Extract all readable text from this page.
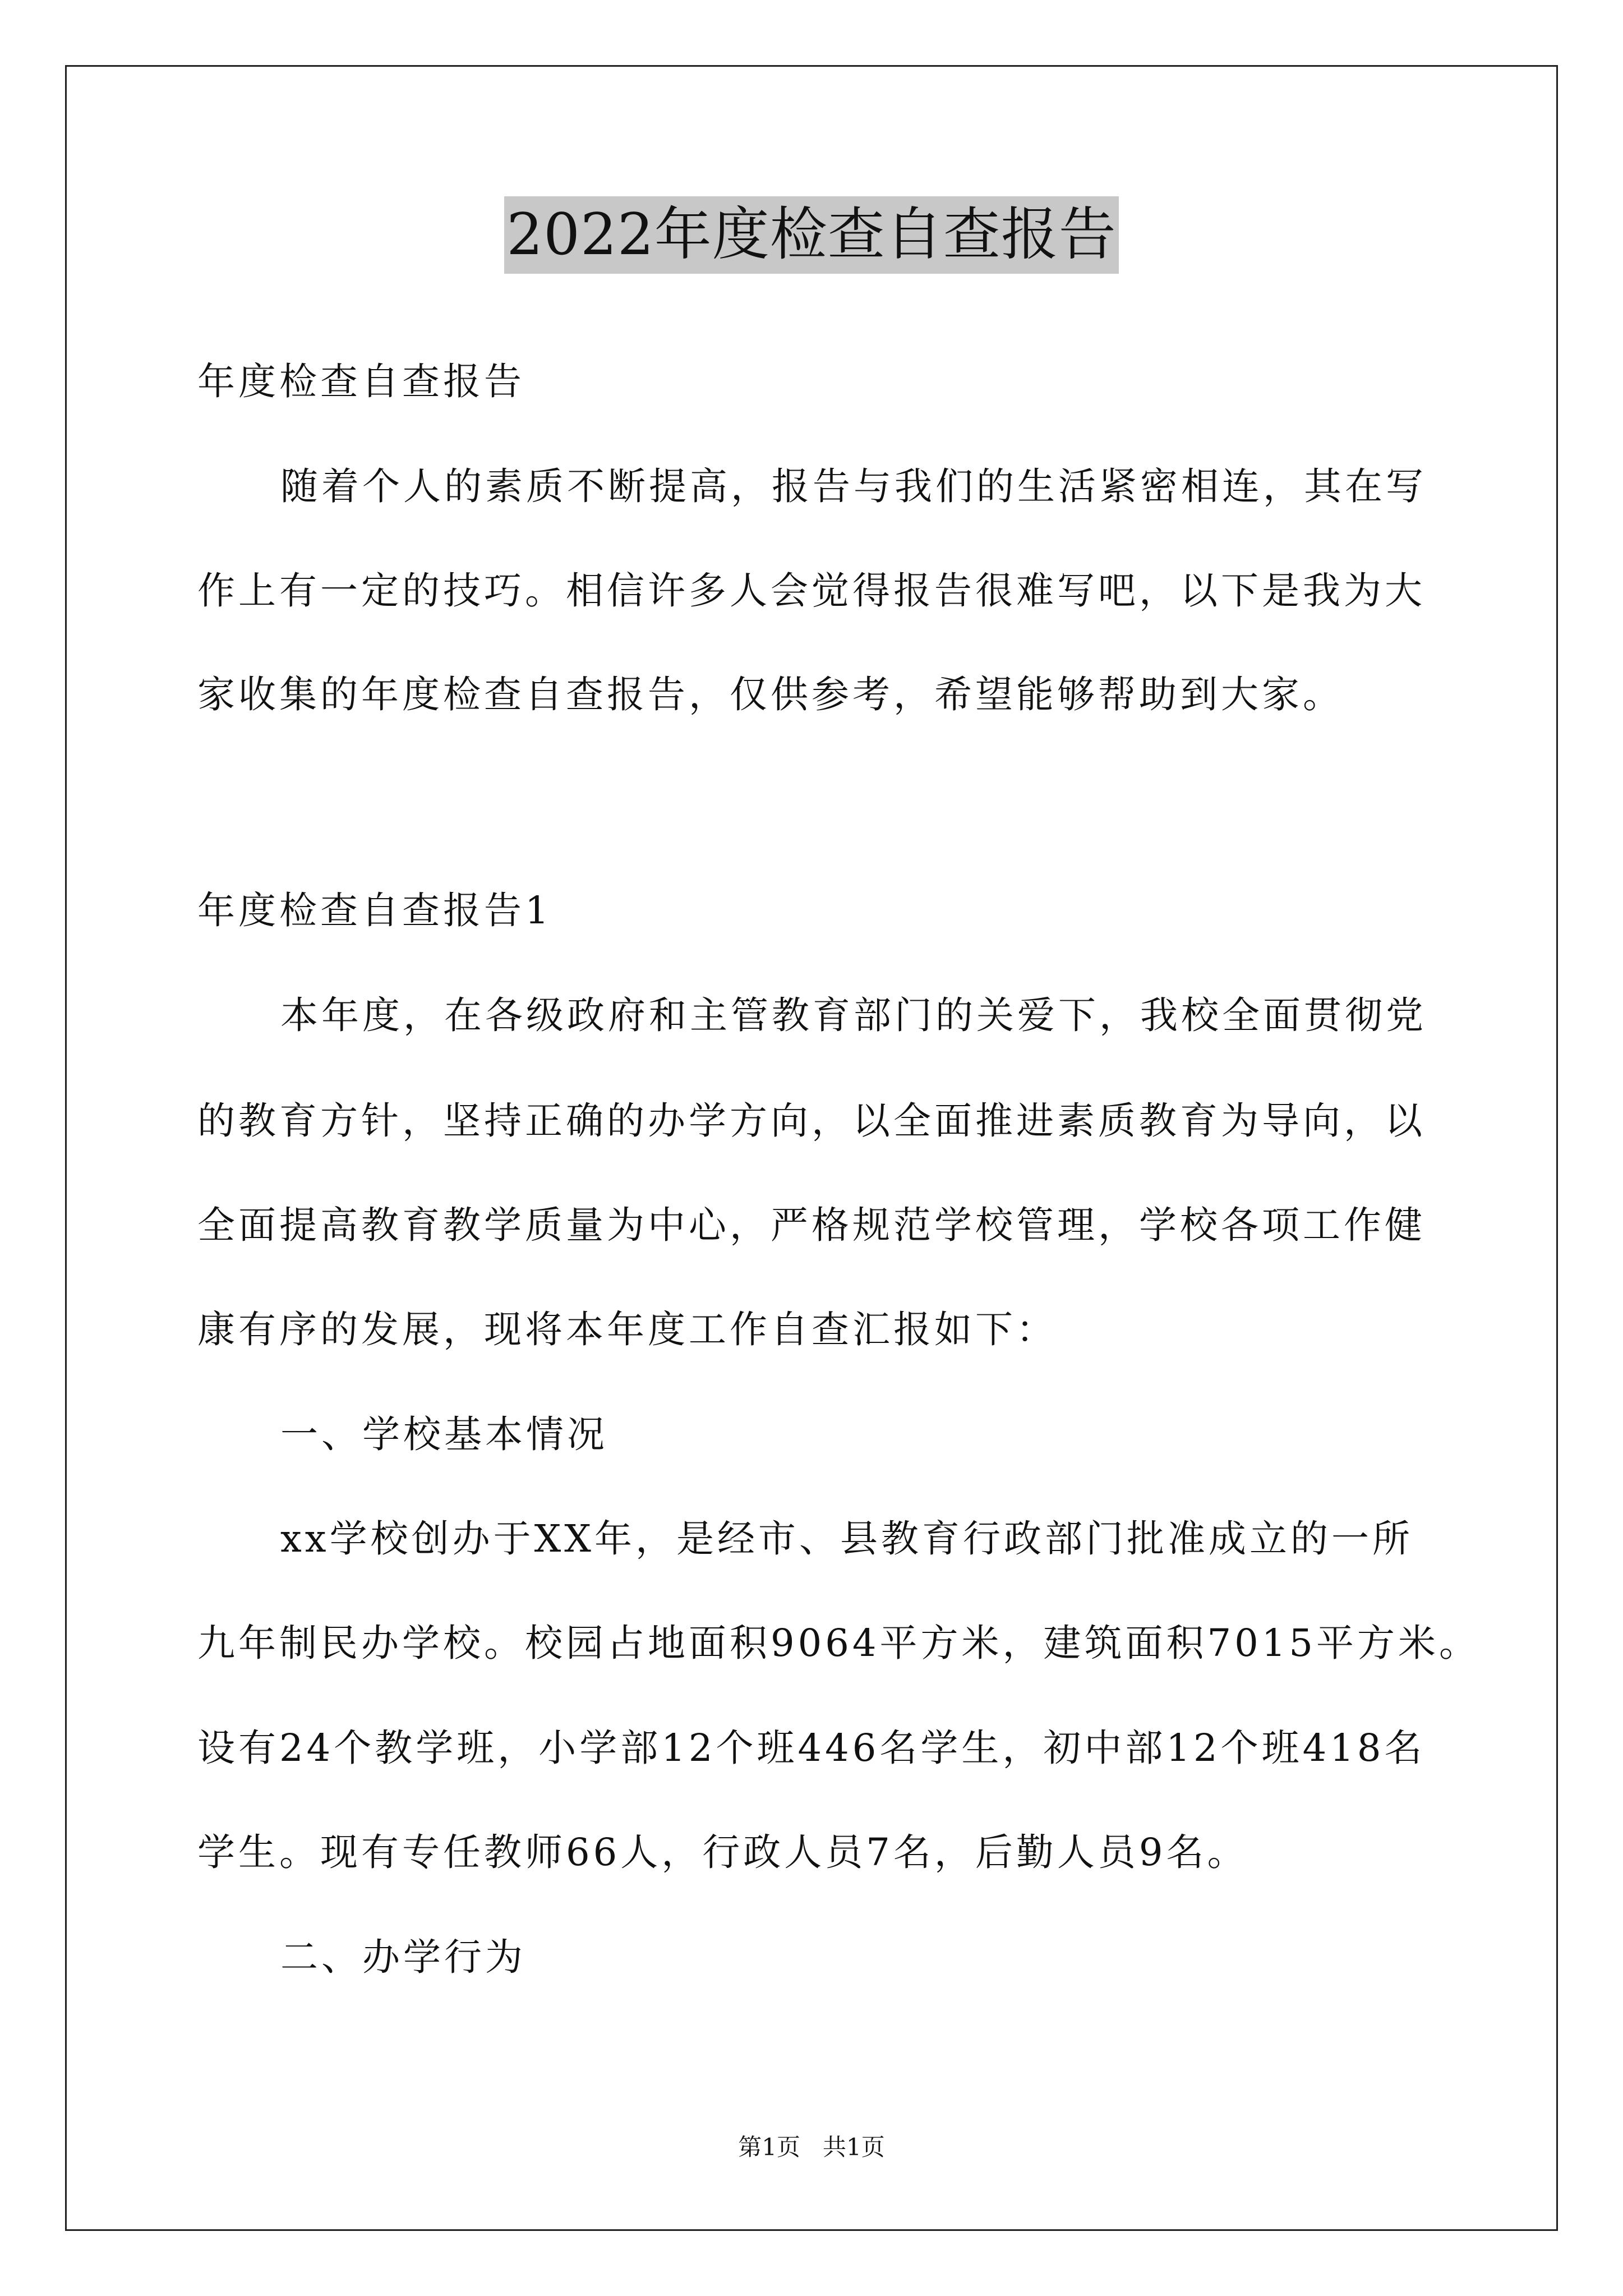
2022年度检查自查报告
年度检查自查报告
随着个人的素质不断提高，报告与我们的生活紧密相连，其在写
作上有一定的技巧。相信许多人会觉得报告很难写吧，以下是我为大
家收集的年度检查自查报告，仅供参考，希望能够帮助到大家。
年度检查自查报告1
本年度，在各级政府和主管教育部门的关爱下，我校全面贯彻党
的教育方针，坚持正确的办学方向，以全面推进素质教育为导向，以
全面提高教育教学质量为中心，严格规范学校管理，学校各项工作健
康有序的发展，现将本年度工作自查汇报如下：
一、学校基本情况
xx学校创办于XX年，是经市、县教育行政部门批准成立的一所
九年制民办学校。校园占地面积9064平方米，建筑面积7015平方米。
设有24个教学班，小学部12个班446名学生，初中部12个班418名
学生。现有专任教师66人，行政人员7名，后勤人员9名。
二、办学行为
第1页   共1页
